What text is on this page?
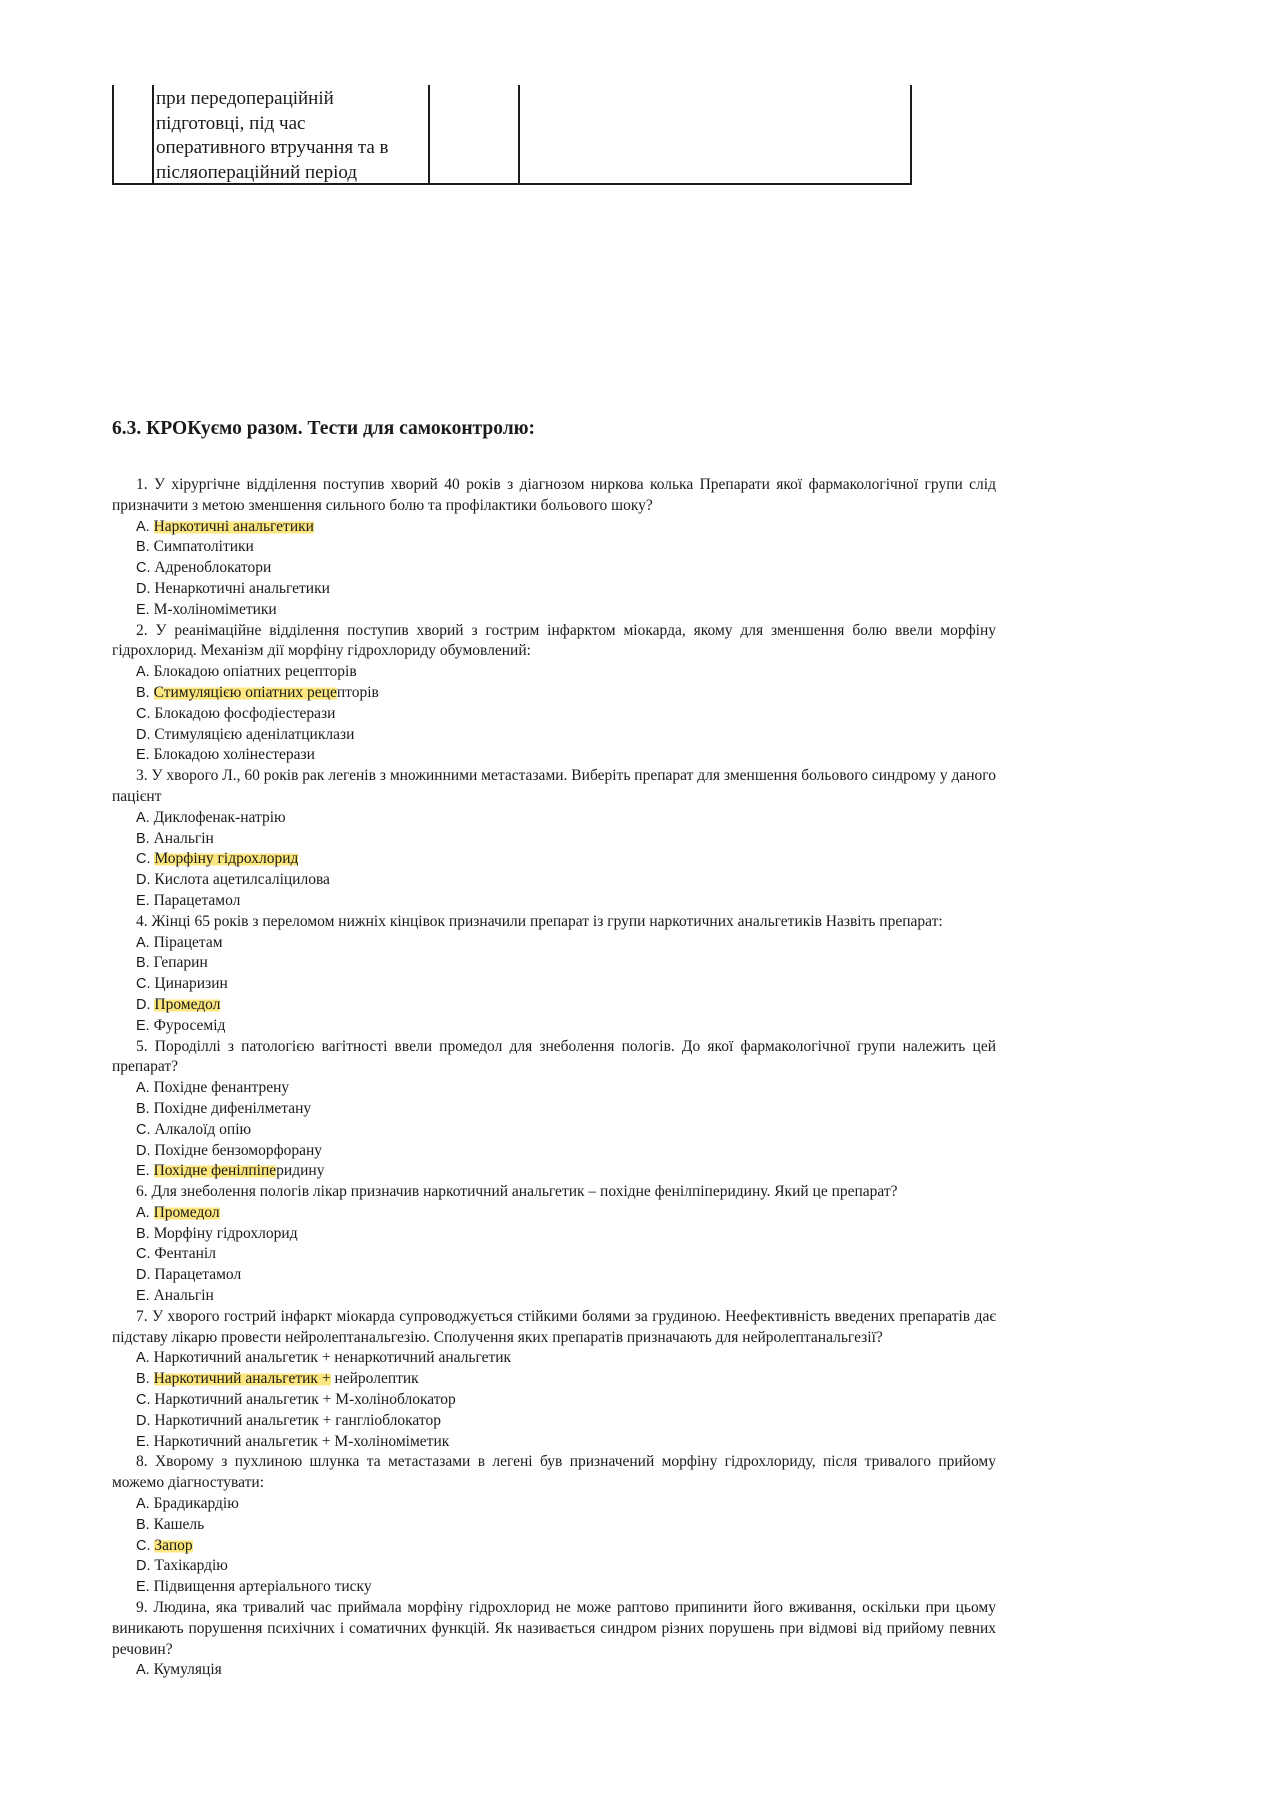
при передопераційній
підготовці, під час
оперативного втручання та в
післяопераційний період
6.3. КРОКуємо разом. Тести для самоконтролю:

1. У хірургічне відділення поступив хворий 40 років з діагнозом ниркова колька Препарати якої фармакологічної групи слід призначити з метою зменшення сильного болю та профілактики больового шоку?

A. Наркотичні анальгетики
B. Симпатолітики
C. Адреноблокатори
D. Ненаркотичні анальгетики
E. М-холіноміметики

2. У реанімаційне відділення поступив хворий з гострим інфарктом міокарда, якому для зменшення болю ввели морфіну гідрохлорид. Механізм дії морфіну гідрохлориду обумовлений:

A. Блокадою опіатних рецепторів
B. Стимуляцією опіатних рецепторів
C. Блокадою фосфодіестерази
D. Стимуляцією аденілатциклази
E. Блокадою холінестерази

3. У хворого Л., 60 років рак легенів з множинними метастазами. Виберіть препарат для зменшення больового синдрому у даного пацієнт

A. Диклофенак-натрію
B. Анальгін
C. Морфіну гідрохлорид
D. Кислота ацетилсаліцилова
E. Парацетамол

4. Жінці 65 років з переломом нижніх кінцівок призначили препарат із групи наркотичних анальгетиків Назвіть препарат:

A. Пірацетам
B. Гепарин
C. Цинаризин
D. Промедол
E. Фуросемід

5. Породіллі з патологією вагітності ввели промедол для знеболення пологів. До якої фармакологічної групи належить цей препарат?

A. Похідне фенантрену
B. Похідне дифенілметану
C. Алкалоїд опію
D. Похідне бензоморфорану
E. Похідне фенілпіперидину

6. Для знеболення пологів лікар призначив наркотичний анальгетик – похідне фенілпіперидину. Який це препарат?

A. Промедол
B. Морфіну гідрохлорид
C. Фентаніл
D. Парацетамол
E. Анальгін

7. У хворого гострий інфаркт міокарда супроводжується стійкими болями за грудиною. Неефективність введених препаратів дає підставу лікарю провести нейролептанальгезію. Сполучення яких препаратів призначають для нейролептанальгезії?

A. Наркотичний анальгетик + ненаркотичний анальгетик
B. Наркотичний анальгетик + нейролептик
C. Наркотичний анальгетик + М-холіноблокатор
D. Наркотичний анальгетик + гангліоблокатор
E. Наркотичний анальгетик + М-холіноміметик

8. Хворому з пухлиною шлунка та метастазами в легені був призначений морфіну гідрохлориду, після тривалого прийому можемо діагностувати:

A. Брадикардію
B. Кашель
C. Запор
D. Тахікардію
E. Підвищення артеріального тиску

9. Людина, яка тривалий час приймала морфіну гідрохлорид не може раптово припинити його вживання, оскільки при цьому виникають порушення психічних і соматичних функцій. Як називається синдром різних порушень при відмові від прийому певних речовин?

A. Кумуляція
